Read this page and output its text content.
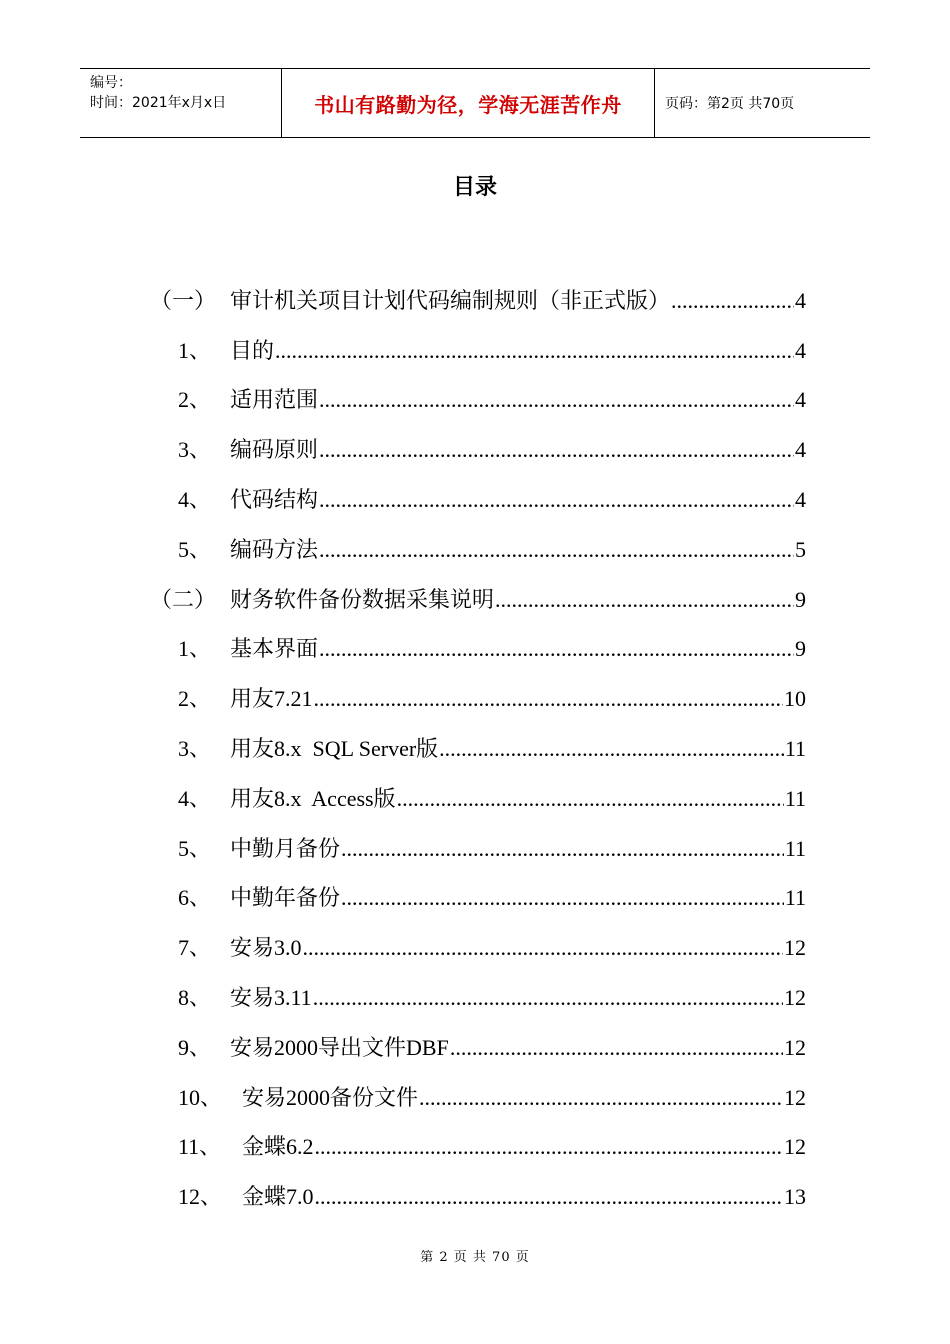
编号：
时间：2021年x月x日	书山有路勤为径，学海无涯苦作舟	页码：第2页 共70页
目录
（一） 审计机关项目计划代码编制规则（非正式版） .....	4
1、 目的 .....	4
2、 适用范围 .....	4
3、 编码原则 .....	4
4、 代码结构 .....	4
5、 编码方法 .....	5
（二） 财务软件备份数据采集说明 .....	9
1、 基本界面 .....	9
2、 用友7.21 .....	10
3、 用友8.x  SQL Server版 .....	11
4、 用友8.x  Access版 .....	11
5、 中勤月备份 .....	11
6、 中勤年备份 .....	11
7、 安易3.0 .....	12
8、 安易3.11 .....	12
9、 安易2000导出文件DBF .....	12
10、 安易2000备份文件 .....	12
11、 金蝶6.2 .....	12
12、 金蝶7.0 .....	13
第 2 页 共 70 页
